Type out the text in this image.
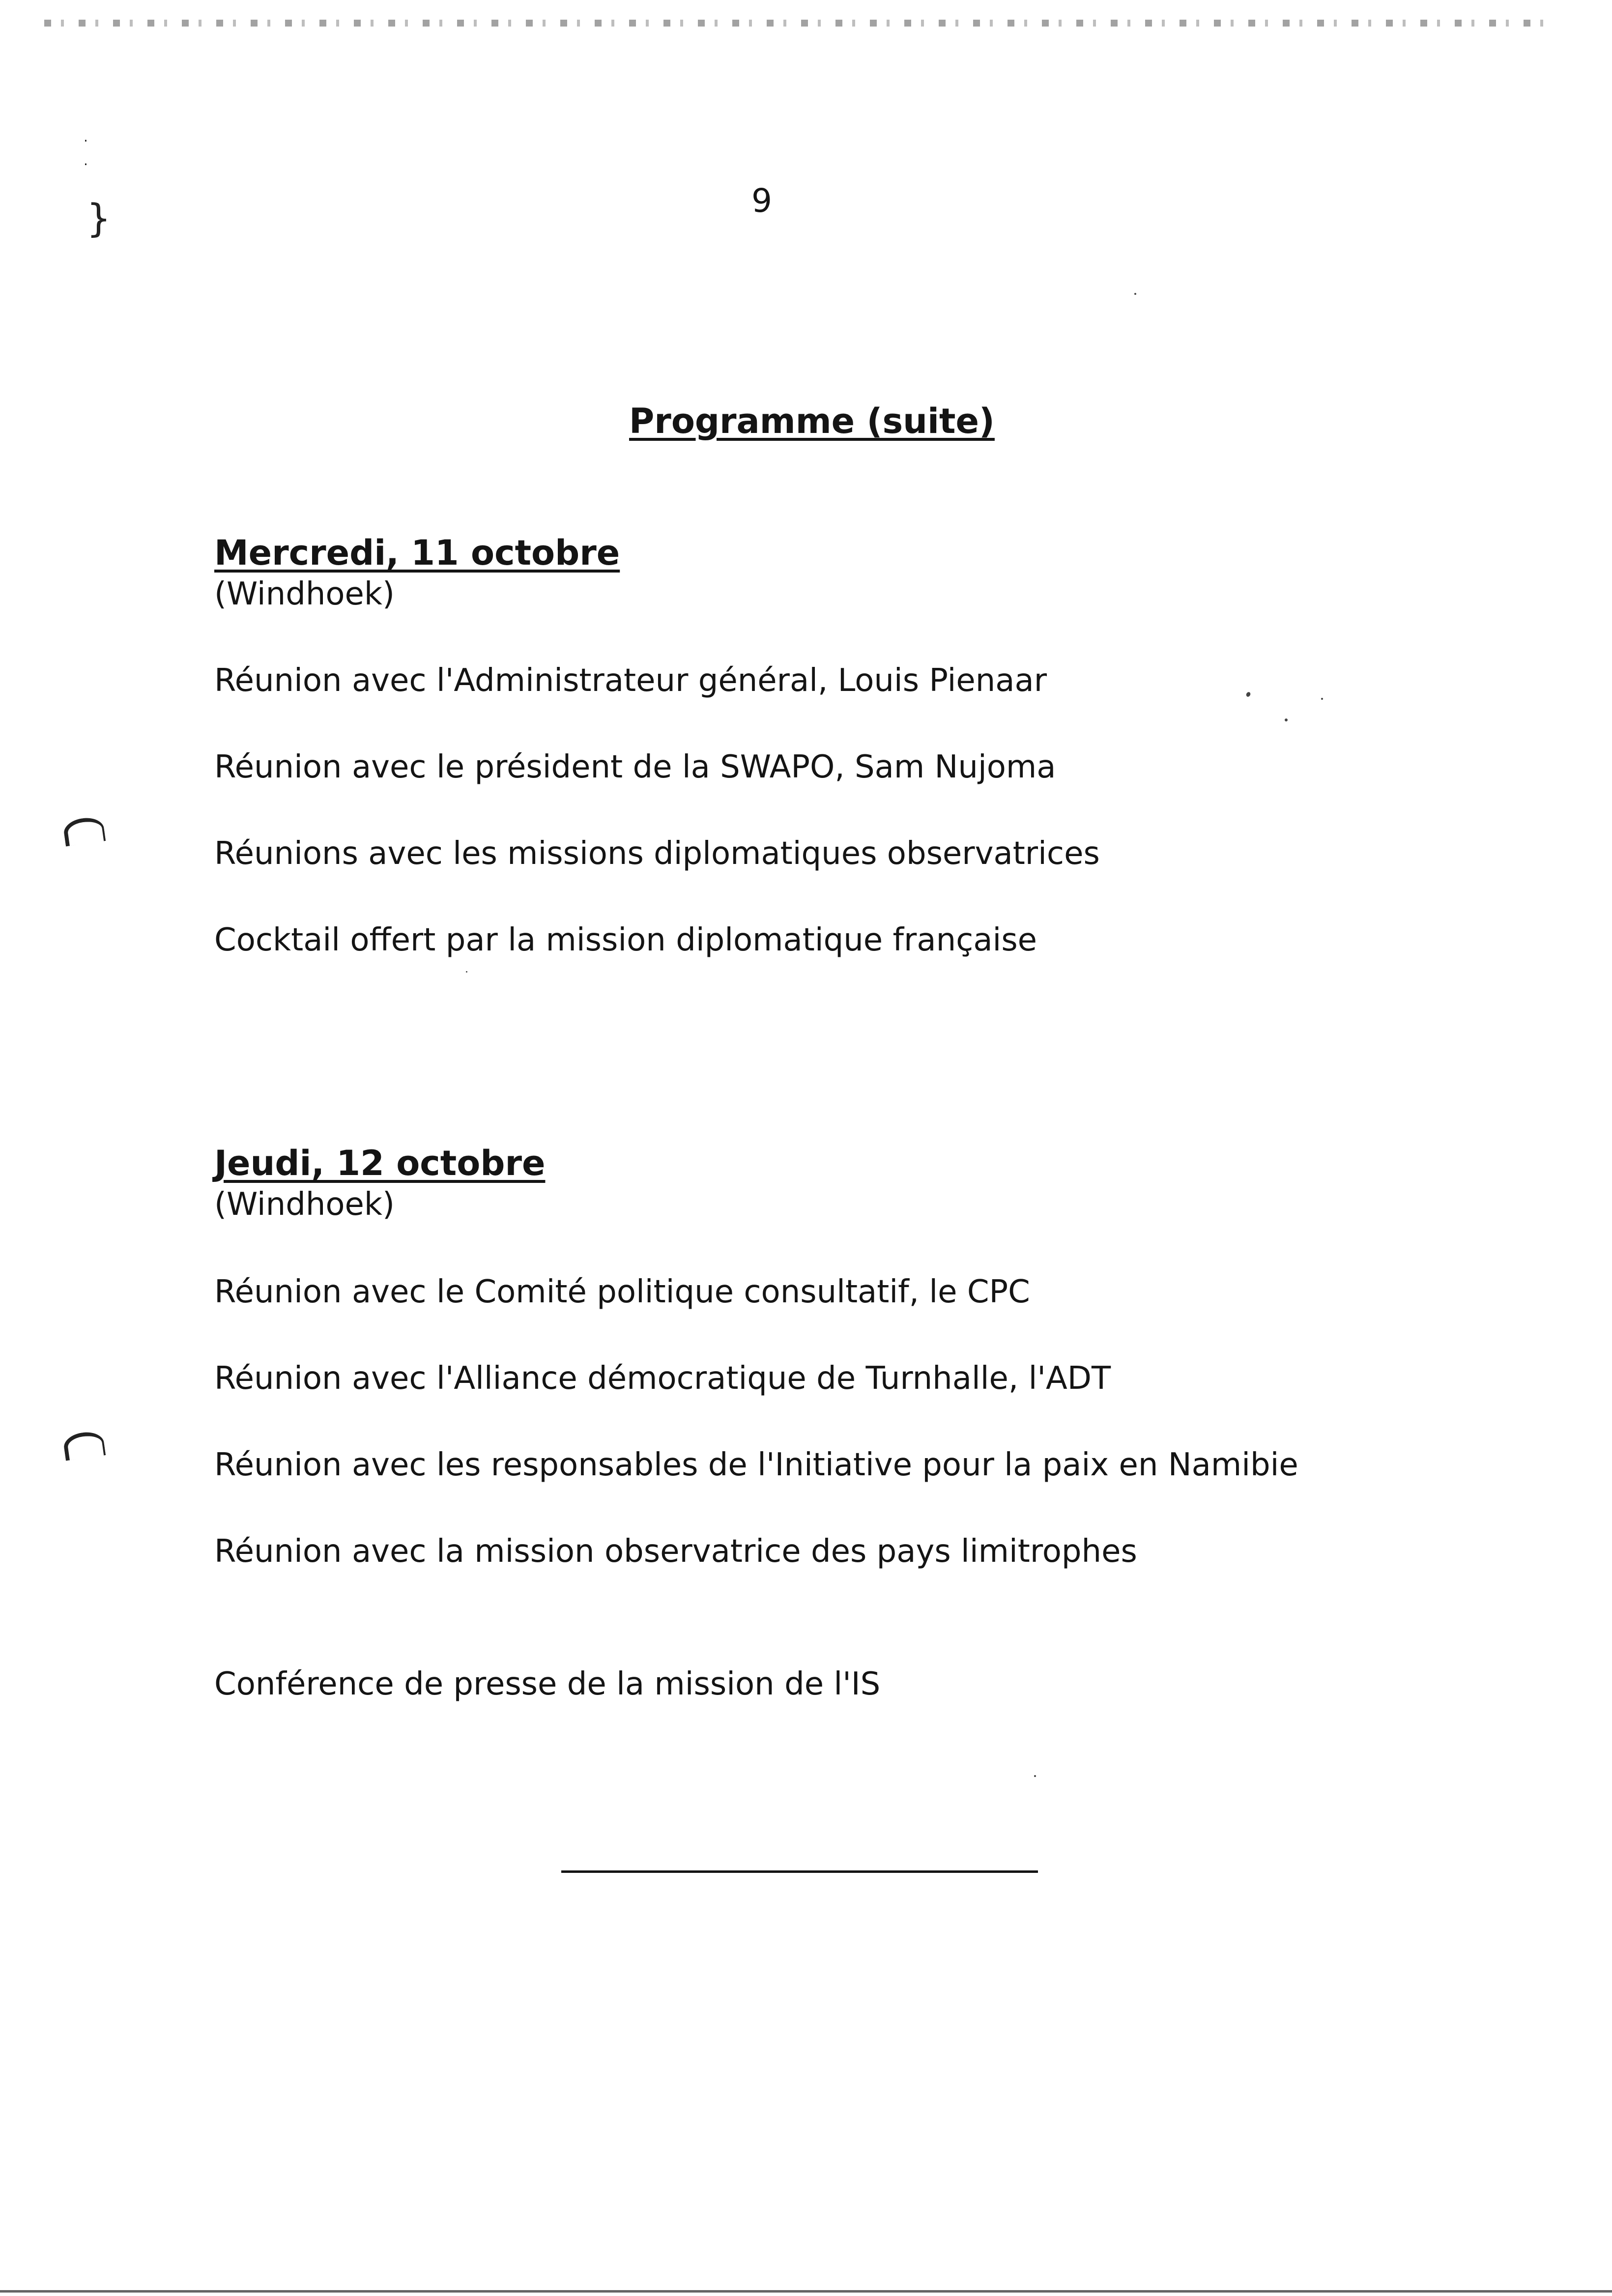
·
·
}	9
Programme (suite)
Mercredi, 11 octobre
(Windhoek)
Réunion avec l'Administrateur général, Louis Pienaar
Réunion avec le président de la SWAPO, Sam Nujoma
Réunions avec les missions diplomatiques observatrices
Cocktail offert par la mission diplomatique française
Jeudi, 12 octobre
(Windhoek)
Réunion avec le Comité politique consultatif, le CPC
Réunion avec l'Alliance démocratique de Turnhalle, l'ADT
Réunion avec les responsables de l'Initiative pour la paix en Namibie
Réunion avec la mission observatrice des pays limitrophes
Conférence de presse de la mission de l'IS
